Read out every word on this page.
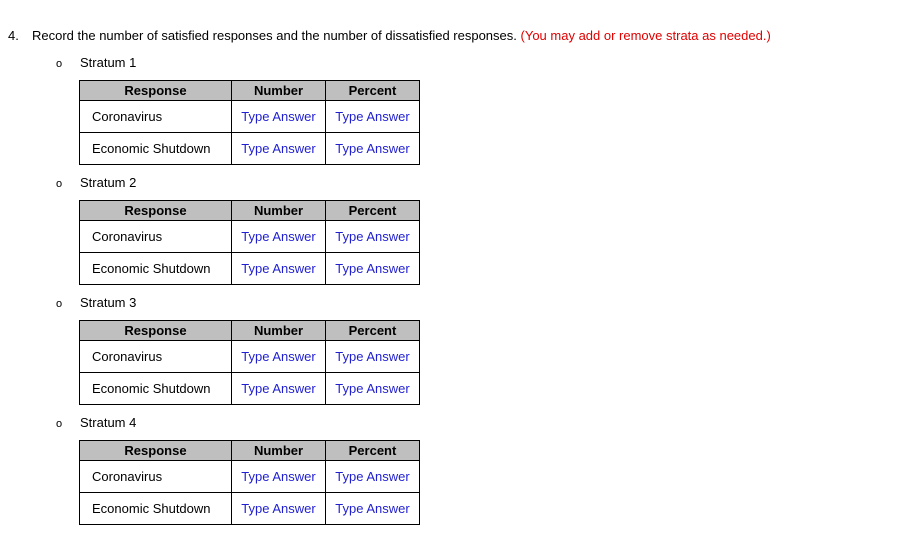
4. Record the number of satisfied responses and the number of dissatisfied responses. (You may add or remove strata as needed.)
o Stratum 1
Response	Number	Percent
Coronavirus	Type Answer	Type Answer
Economic Shutdown	Type Answer	Type Answer
o Stratum 2
Response	Number	Percent
Coronavirus	Type Answer	Type Answer
Economic Shutdown	Type Answer	Type Answer
o Stratum 3
Response	Number	Percent
Coronavirus	Type Answer	Type Answer
Economic Shutdown	Type Answer	Type Answer
o Stratum 4
Response	Number	Percent
Coronavirus	Type Answer	Type Answer
Economic Shutdown	Type Answer	Type Answer
